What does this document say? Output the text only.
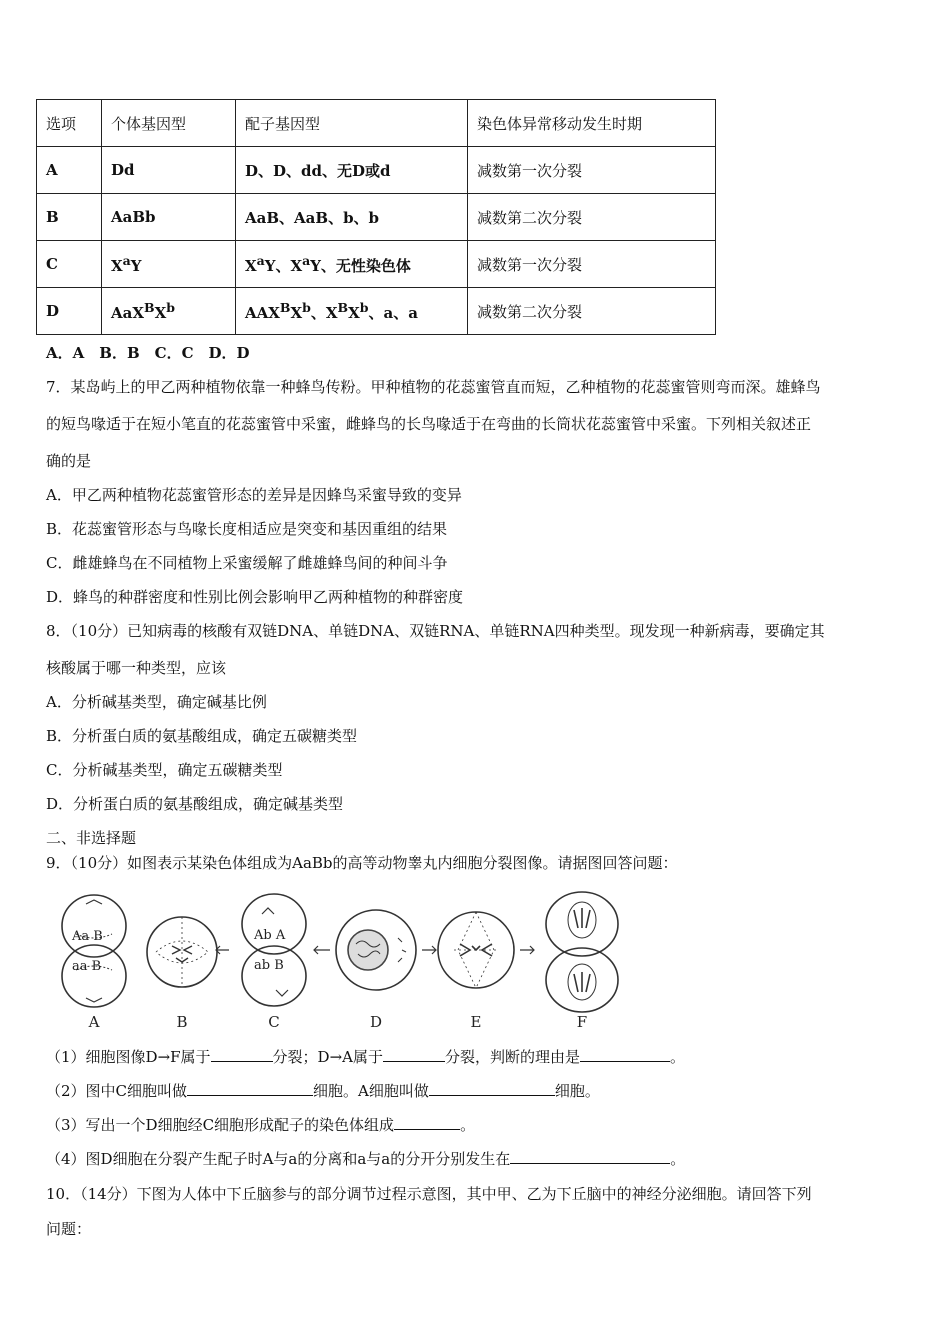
选项	个体基因型	配子基因型	染色体异常移动发生时期
A	Dd	D、D、dd、无D或d	减数第一次分裂
B	AaBb	AaB、AaB、b、b	减数第二次分裂
C	$X^aY$	$X^aY$、$X^aY$、无性染色体	减数第一次分裂
D	$AaX^BX^b$	$AAX^BX^b$、$X^BX^b$、a、a	减数第二次分裂
A．A　B．B　C．C　D．D
7．某岛屿上的甲乙两种植物依靠一种蜂鸟传粉。甲种植物的花蕊蜜管直而短，乙种植物的花蕊蜜管则弯而深。雄蜂鸟
的短鸟喙适于在短小笔直的花蕊蜜管中采蜜，雌蜂鸟的长鸟喙适于在弯曲的长筒状花蕊蜜管中采蜜。下列相关叙述正
确的是
A．甲乙两种植物花蕊蜜管形态的差异是因蜂鸟采蜜导致的变异
B．花蕊蜜管形态与鸟喙长度相适应是突变和基因重组的结果
C．雌雄蜂鸟在不同植物上采蜜缓解了雌雄蜂鸟间的种间斗争
D．蜂鸟的种群密度和性别比例会影响甲乙两种植物的种群密度
8．（10分）已知病毒的核酸有双链DNA、单链DNA、双链RNA、单链RNA四种类型。现发现一种新病毒，要确定其
核酸属于哪一种类型，应该
A．分析碱基类型，确定碱基比例
B．分析蛋白质的氨基酸组成，确定五碳糖类型
C．分析碱基类型，确定五碳糖类型
D．分析蛋白质的氨基酸组成，确定碱基类型
二、非选择题
9．（10分）如图表示某染色体组成为AaBb的高等动物睾丸内细胞分裂图像。请据图回答问题：
Aa B
aa B
Ab A
ab B
A	B	C	D	E	F
（1）细胞图像D→F属于	分裂；D→A属于	分裂，判断的理由是	。
（2）图中C细胞叫做	细胞。A细胞叫做	细胞。
（3）写出一个D细胞经C细胞形成配子的染色体组成	。
（4）图D细胞在分裂产生配子时A与a的分离和a与a的分开分别发生在	。
10．（14分）下图为人体中下丘脑参与的部分调节过程示意图，其中甲、乙为下丘脑中的神经分泌细胞。请回答下列
问题：
